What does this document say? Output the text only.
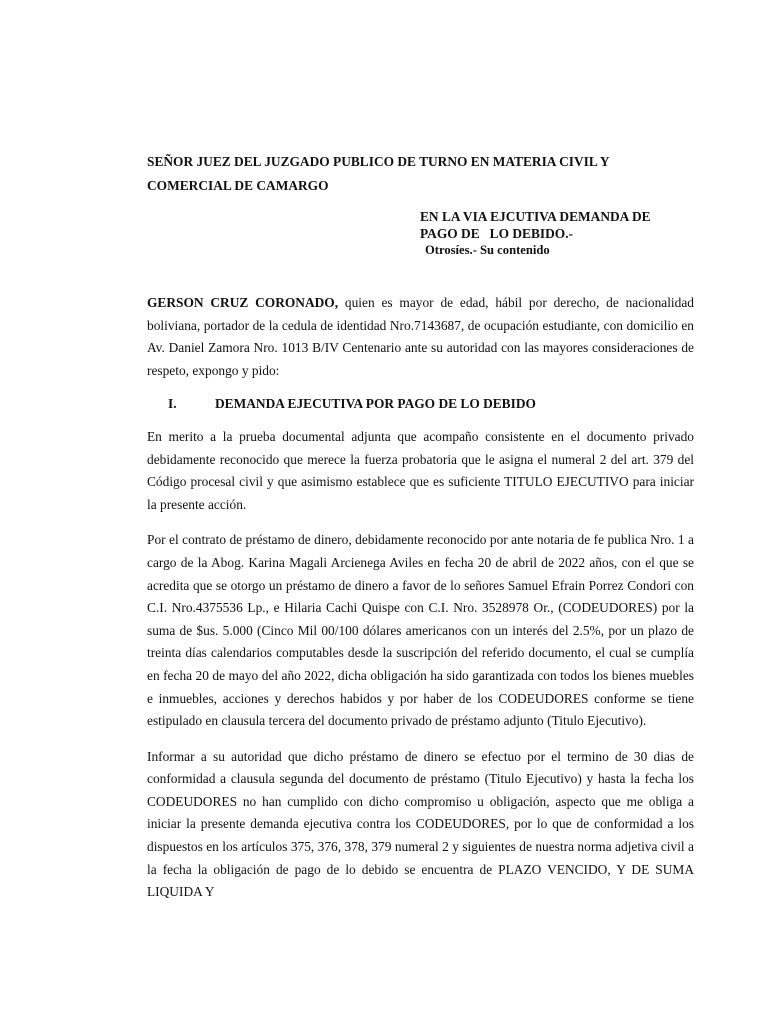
SEÑOR JUEZ DEL JUZGADO PUBLICO DE TURNO EN MATERIA CIVIL Y
COMERCIAL DE CAMARGO
EN LA VIA EJCUTIVA DEMANDA DE
PAGO DE   LO DEBIDO.-
Otrosíes.- Su contenido

GERSON CRUZ CORONADO, quien es mayor de edad, hábil por derecho, de nacionalidad boliviana, portador de la cedula de identidad Nro.7143687, de ocupación estudiante, con domicilio en Av. Daniel Zamora Nro. 1013 B/IV Centenario ante su autoridad con las mayores consideraciones de respeto, expongo y pido:

I.	DEMANDA EJECUTIVA POR PAGO DE LO DEBIDO

En merito a la prueba documental adjunta que acompaño consistente en el documento privado debidamente reconocido que merece la fuerza probatoria que le asigna el numeral 2 del art. 379 del Código procesal civil y que asimismo establece que es suficiente TITULO EJECUTIVO para iniciar la presente acción.

Por el contrato de préstamo de dinero, debidamente reconocido por ante notaria de fe publica Nro. 1 a cargo de la Abog. Karina Magali Arcienega Aviles en fecha 20 de abril de 2022 años, con el que se acredita que se otorgo un préstamo de dinero a favor de lo señores Samuel Efrain Porrez Condori con C.I. Nro.4375536 Lp., e Hilaria Cachi Quispe con C.I. Nro. 3528978 Or., (CODEUDORES) por la suma de $us. 5.000 (Cinco Mil 00/100 dólares americanos con un interés del 2.5%, por un plazo de treinta días calendarios computables desde la suscripción del referido documento, el cual se cumplía en fecha 20 de mayo del año 2022, dicha obligación ha sido garantizada con todos los bienes muebles e inmuebles, acciones y derechos habidos y por haber de los CODEUDORES conforme se tiene estipulado en clausula tercera del documento privado de préstamo adjunto (Titulo Ejecutivo).

Informar a su autoridad que dicho préstamo de dinero se efectuo por el termino de 30 dias de conformidad a clausula segunda del documento de préstamo (Titulo Ejecutivo) y hasta la fecha los CODEUDORES no han cumplido con dicho compromiso u obligación, aspecto que me obliga a iniciar la presente demanda ejecutiva contra los CODEUDORES, por lo que de conformidad a los dispuestos en los artículos 375, 376, 378, 379 numeral 2 y siguientes de nuestra norma adjetiva civil a la fecha la obligación de pago de lo debido se encuentra de PLAZO VENCIDO, Y DE SUMA LIQUIDA Y
